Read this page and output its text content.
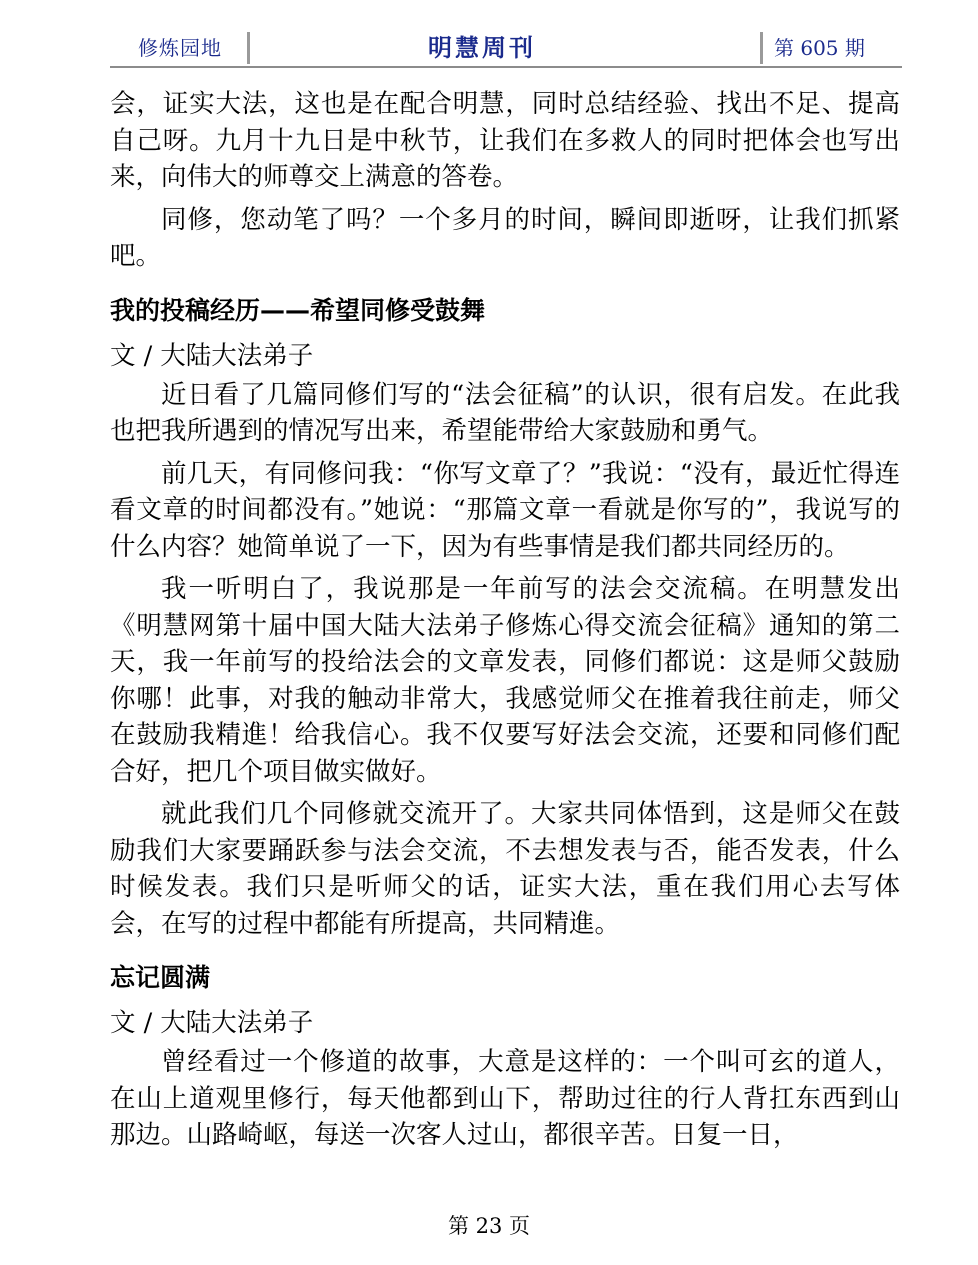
修炼园地	明慧周刊	第 605 期

会，证实大法，这也是在配合明慧，同时总结经验、找出不足、提高自己呀。九月十九日是中秋节，让我们在多救人的同时把体会也写出来，向伟大的师尊交上满意的答卷。

同修，您动笔了吗？一个多月的时间，瞬间即逝呀，让我们抓紧吧。

我的投稿经历——希望同修受鼓舞
文 / 大陆大法弟子

近日看了几篇同修们写的“法会征稿”的认识，很有启发。在此我也把我所遇到的情况写出来，希望能带给大家鼓励和勇气。

前几天，有同修问我：“你写文章了？”我说：“没有，最近忙得连看文章的时间都没有。”她说：“那篇文章一看就是你写的”，我说写的什么内容？她简单说了一下，因为有些事情是我们都共同经历的。

我一听明白了，我说那是一年前写的法会交流稿。在明慧发出《明慧网第十届中国大陆大法弟子修炼心得交流会征稿》通知的第二天，我一年前写的投给法会的文章发表，同修们都说：这是师父鼓励你哪！此事，对我的触动非常大，我感觉师父在推着我往前走，师父在鼓励我精進！给我信心。我不仅要写好法会交流，还要和同修们配合好，把几个项目做实做好。

就此我们几个同修就交流开了。大家共同体悟到，这是师父在鼓励我们大家要踊跃参与法会交流，不去想发表与否，能否发表，什么时候发表。我们只是听师父的话，证实大法，重在我们用心去写体会，在写的过程中都能有所提高，共同精進。

忘记圆满
文 / 大陆大法弟子

曾经看过一个修道的故事，大意是这样的：一个叫可玄的道人，在山上道观里修行，每天他都到山下，帮助过往的行人背扛东西到山那边。山路崎岖，每送一次客人过山，都很辛苦。日复一日，

第 23 页
